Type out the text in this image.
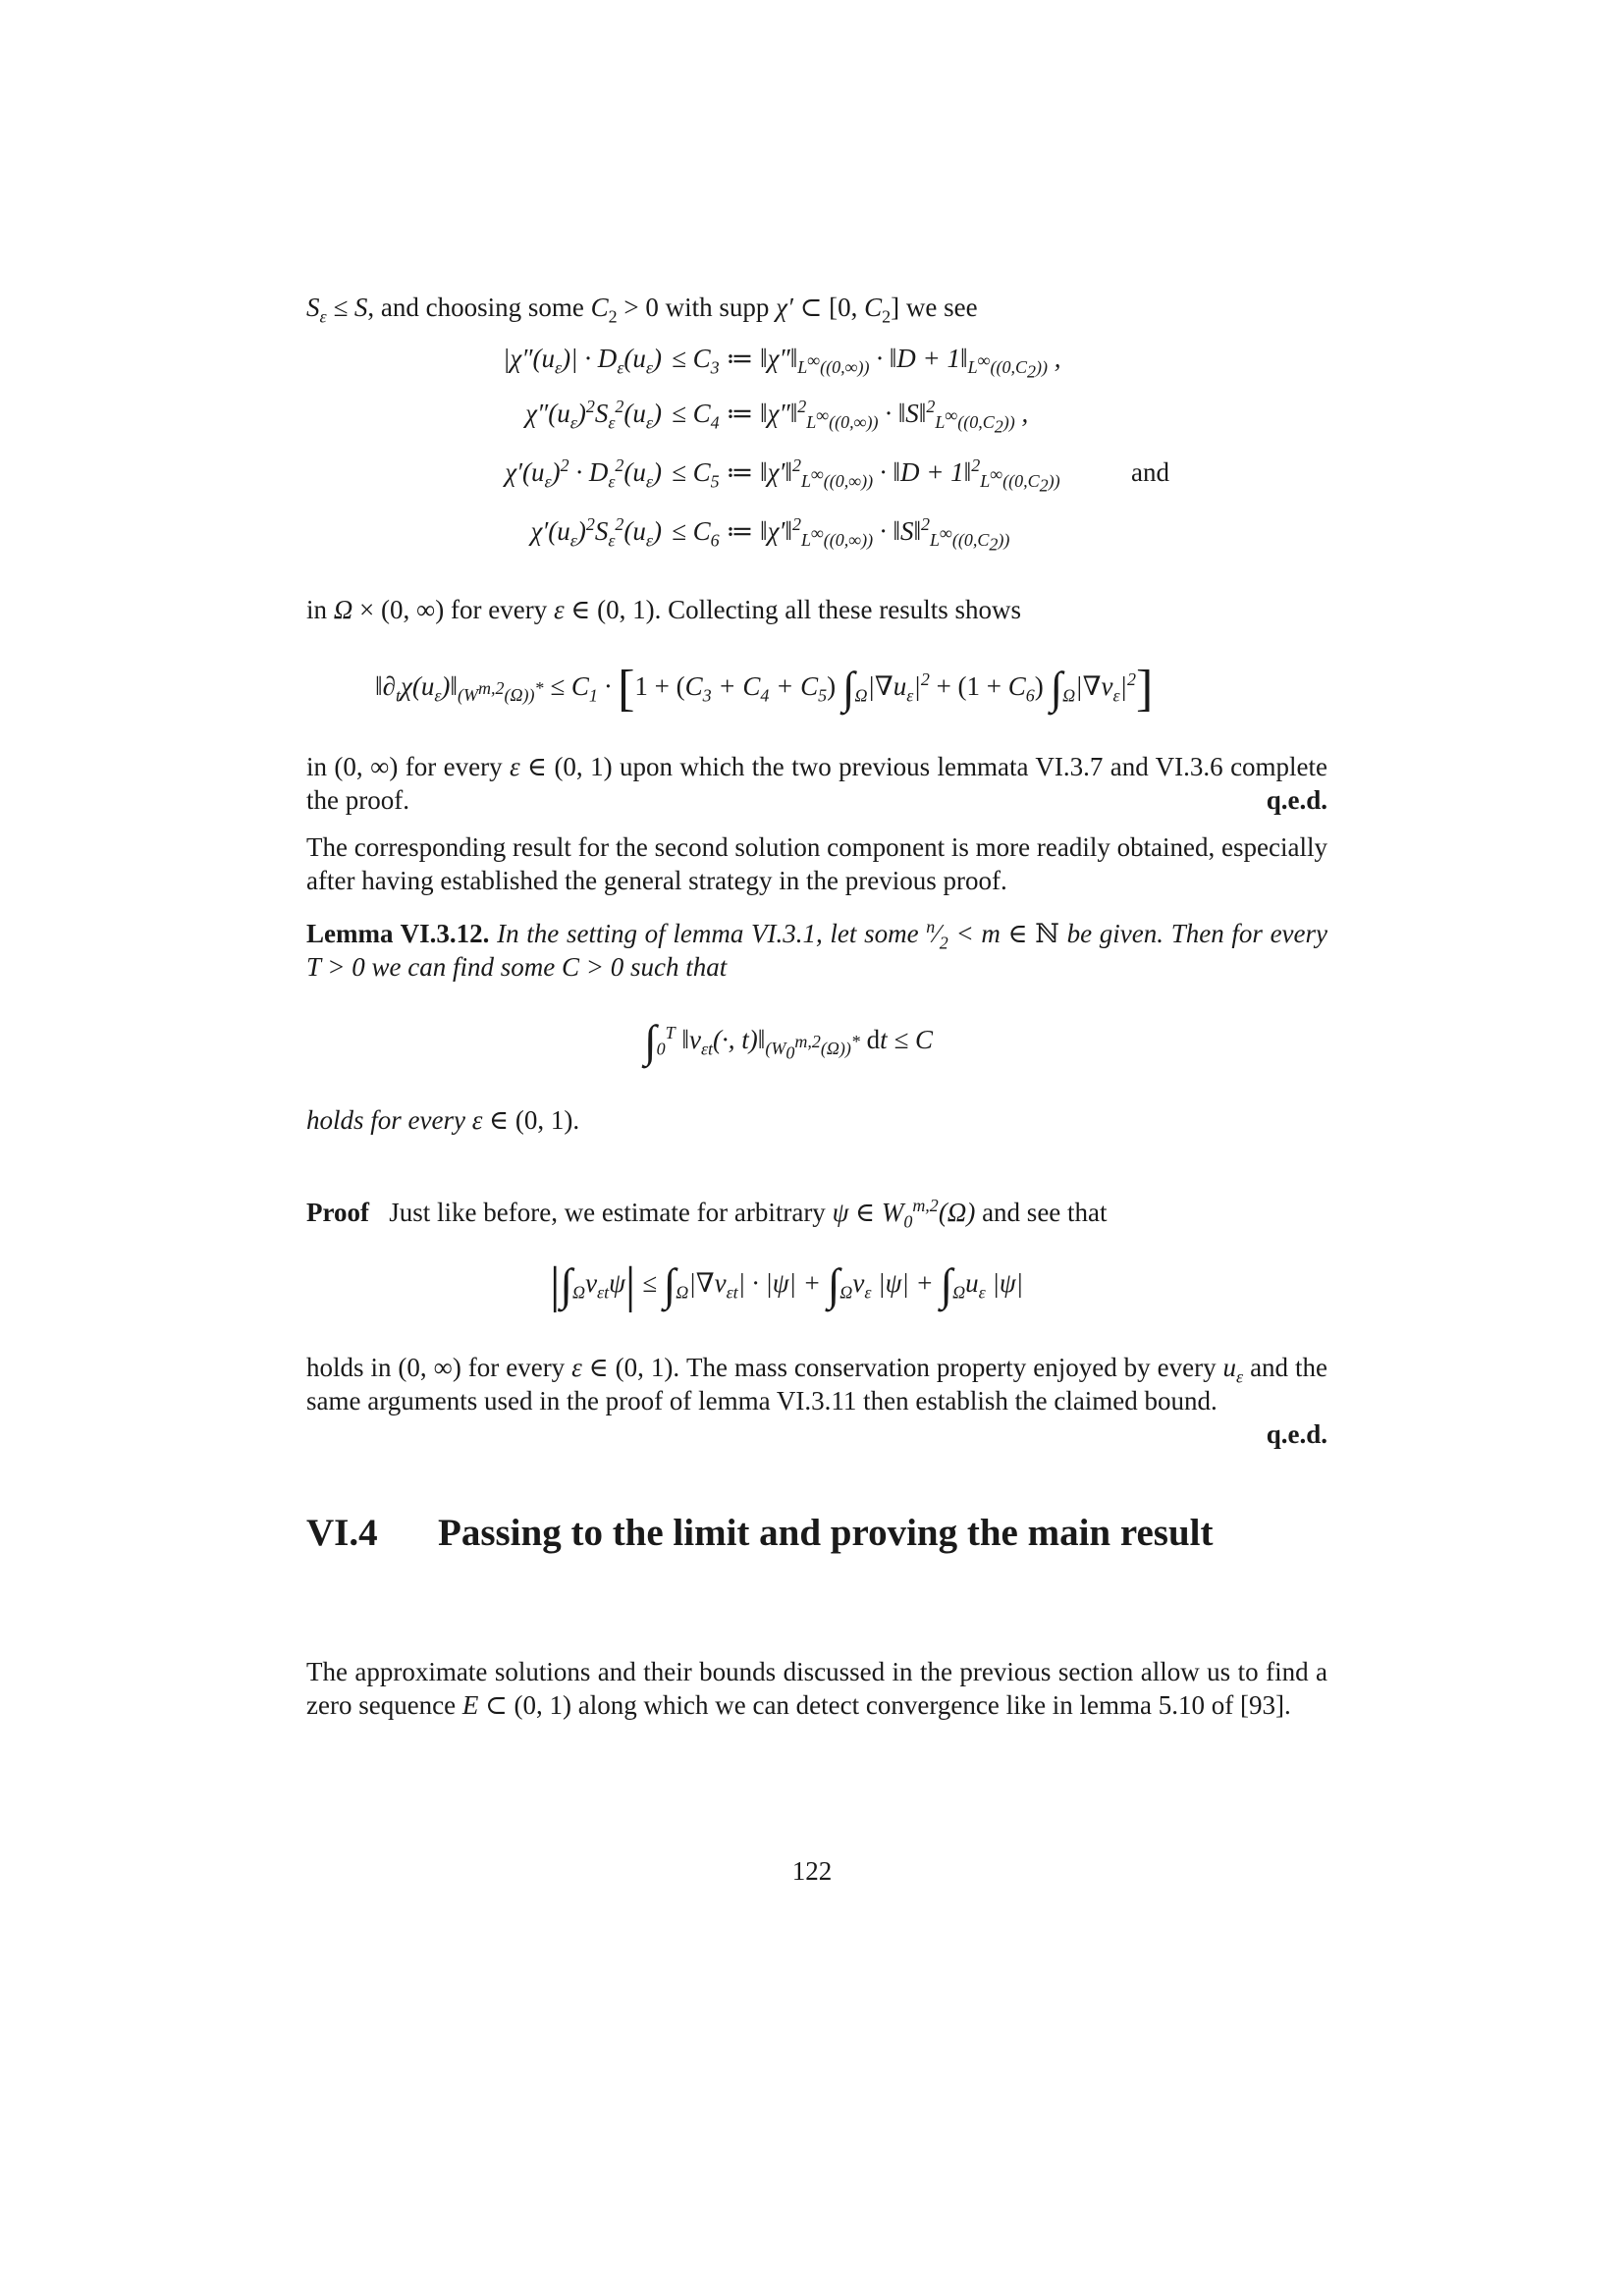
$S_\varepsilon \le S$, and choosing some $C_2 > 0$ with supp χ′ ⊂ [0, $C_2$] we see
$|\chi''(u_\varepsilon)| \cdot D_\varepsilon(u_\varepsilon) \le C_3$ ≔ $‖\chi''‖_{L^\infty((0,\infty))}$ · ‖D + $1‖_{L^\infty((0,C_2))}$ ,
$\chi''(u_\varepsilon)^2S_\varepsilon^2(u_\varepsilon) \le C_4$ ≔ ‖χ″‖$^2_{L^\infty((0,\infty))}$ · ‖S‖$^2_{L^\infty((0,C_2))}$ ,
$\chi'(u_\varepsilon)^2 \cdot D_\varepsilon^2(u_\varepsilon) \le C_5$ ≔ ‖χ′‖$^2_{L^\infty((0,\infty))}$ · ‖D + 1‖$^2_{L^\infty((0,C_2))}$	and
$\chi'(u_\varepsilon)^2S_\varepsilon^2(u_\varepsilon) \le C_6$ ≔ ‖χ′‖$^2_{L^\infty((0,\infty))}$ · ‖S‖$^2_{L^\infty((0,C_2))}$
in Ω × (0, ∞) for every ε ∈ (0, 1). Collecting all these results shows
$‖\partial_t\chi(u_\varepsilon)‖_{(W^{m,2}(\Omega))^*} \le C_1 \cdot [1 + (C_3 + C_4 + C_5) \int_\Omega|\nabla u_\varepsilon|^2 + (1 + C_6)$ $\int_\Omega|\nabla v_\varepsilon|^2$]
in (0, ∞) for every ε ∈ (0, 1) upon which the two previous lemmata VI.3.7 and VI.3.6 complete the proof.	q.e.d.
The corresponding result for the second solution component is more readily obtained, especially after having established the general strategy in the previous proof.
Lemma VI.3.12. In the setting of lemma VI.3.1, let some $^n⁄_2 < m$ ∈ ℕ be given. Then for every T > 0 we can find some C > 0 such that
$\int_0^T$ $‖v_{\varepsilon t}(\cdot$, $t)‖_{(W_0^{m,2}(\Omega))^*}$ dt ≤ C
holds for every ε ∈ (0, 1).
Proof Just like before, we estimate for arbitrary ψ ∈ $W_0^{m,2}(\Omega)$ and see that
$|\int_\Omega v_{\varepsilon t}\psi| \le \int_\Omega|\nabla v_{\varepsilon t}| \cdot |\psi| + \int_\Omega v_\varepsilon$ $|\psi| + \int_\Omega u_\varepsilon$ |ψ|
holds in (0, ∞) for every ε ∈ (0, 1). The mass conservation property enjoyed by every $u_\varepsilon$ and the same arguments used in the proof of lemma VI.3.11 then establish the claimed bound.
q.e.d.
VI.4 Passing to the limit and proving the main result
The approximate solutions and their bounds discussed in the previous section allow us to find a zero sequence E ⊂ (0, 1) along which we can detect convergence like in lemma 5.10 of [93].
122
